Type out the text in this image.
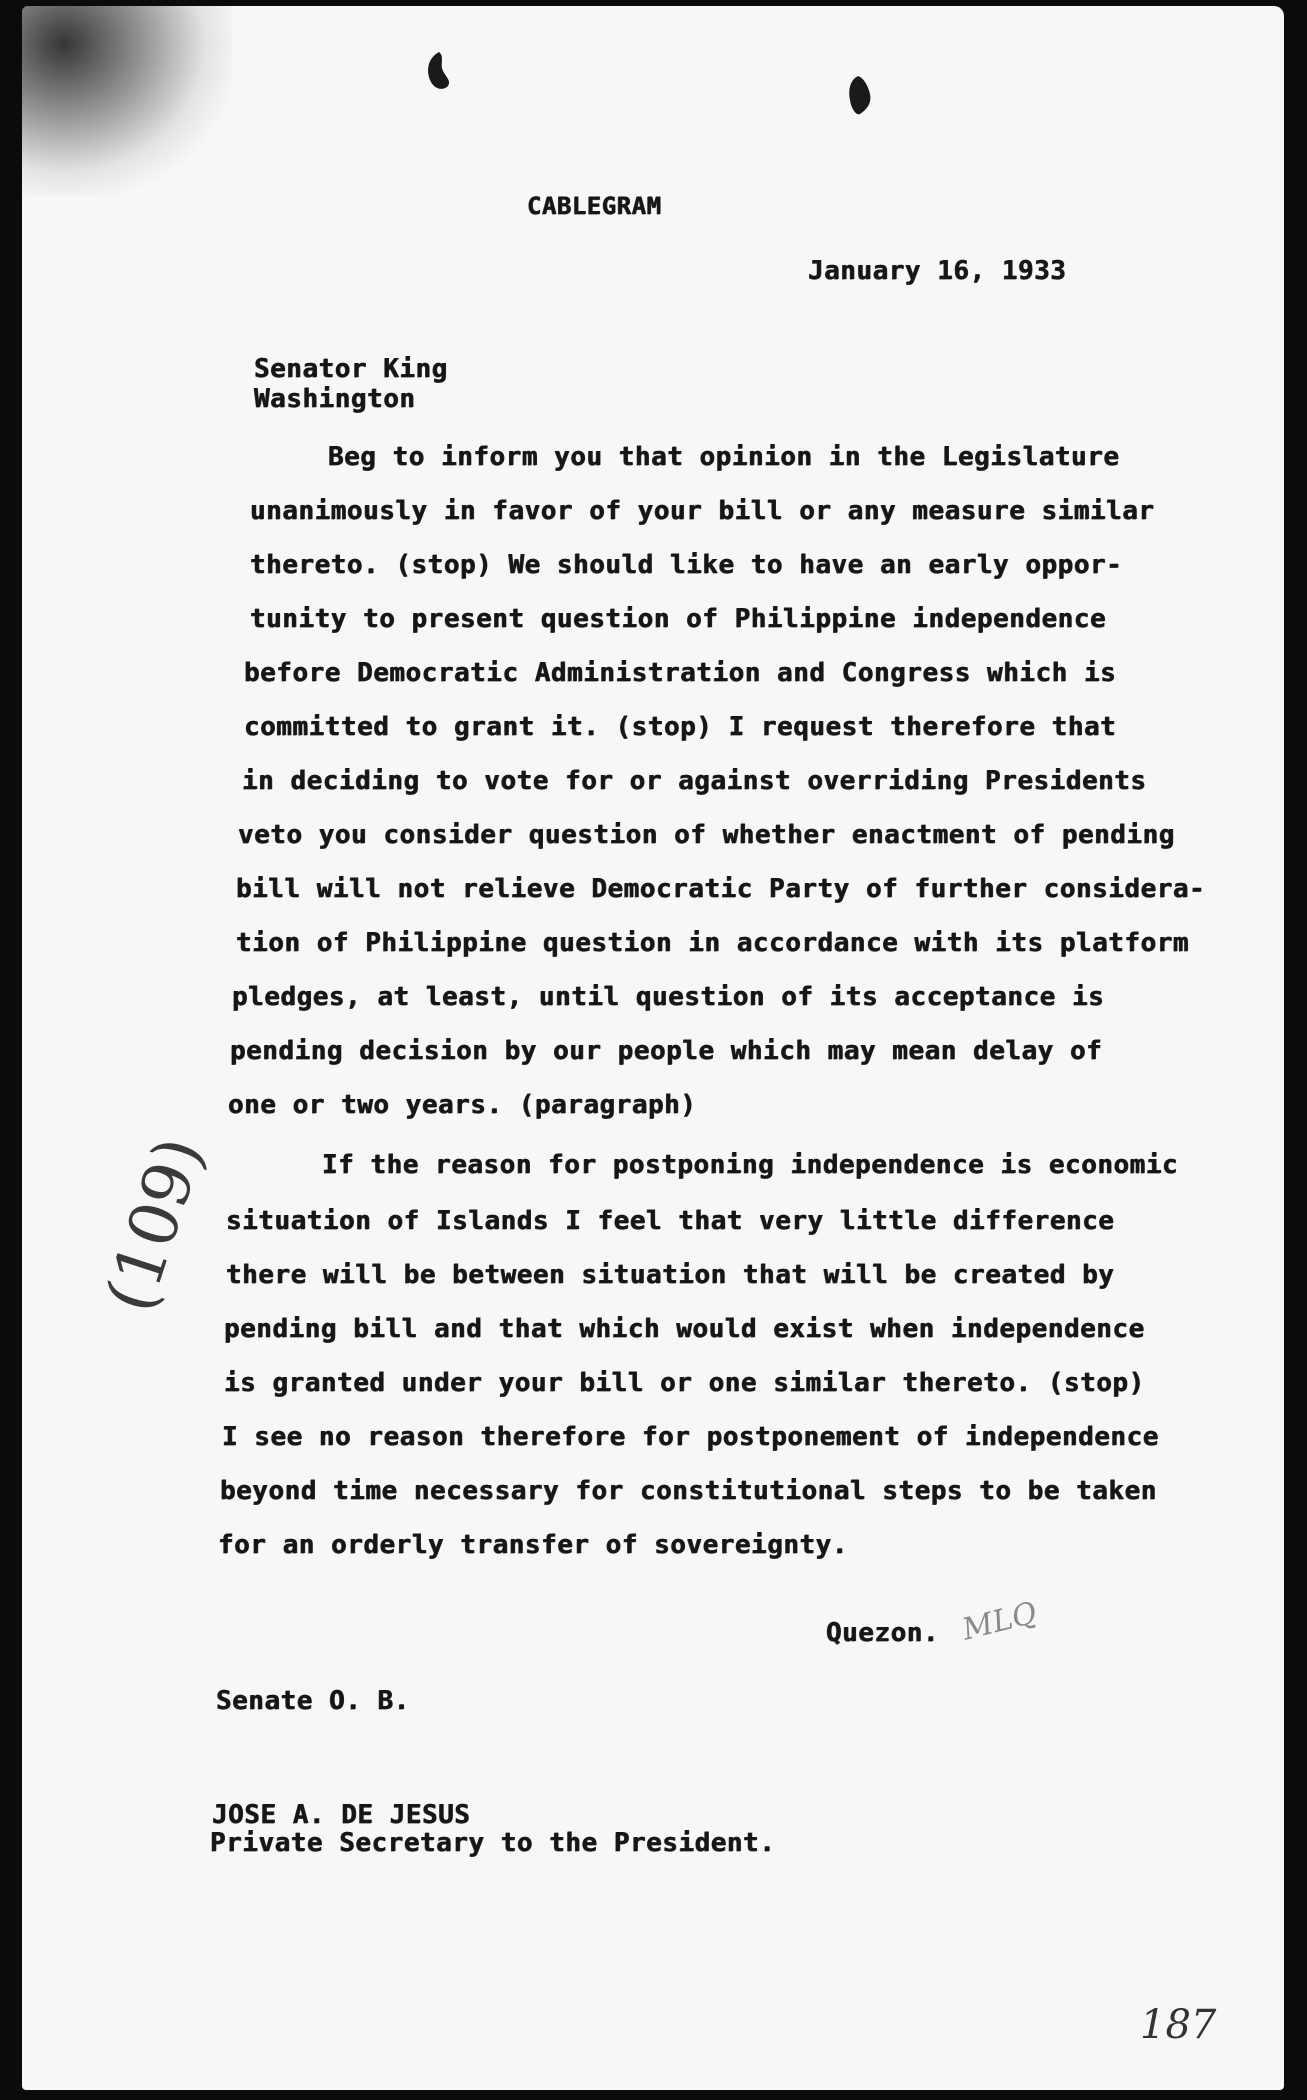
CABLEGRAM
January 16, 1933
Senator King
Washington
Beg to inform you that opinion in the Legislature
unanimously in favor of your bill or any measure similar
thereto. (stop) We should like to have an early oppor-
tunity to present question of Philippine independence
before Democratic Administration and Congress which is
committed to grant it. (stop) I request therefore that
in deciding to vote for or against overriding Presidents
veto you consider question of whether enactment of pending
bill will not relieve Democratic Party of further considera-
tion of Philippine question in accordance with its platform
pledges, at least, until question of its acceptance is
pending decision by our people which may mean delay of
one or two years. (paragraph)
If the reason for postponing independence is economic
situation of Islands I feel that very little difference
there will be between situation that will be created by
pending bill and that which would exist when independence
is granted under your bill or one similar thereto. (stop)
I see no reason therefore for postponement of independence
beyond time necessary for constitutional steps to be taken
for an orderly transfer of sovereignty.
Quezon. MLQ
Senate O. B.
JOSE A. DE JESUS
Private Secretary to the President.
(109)
187
